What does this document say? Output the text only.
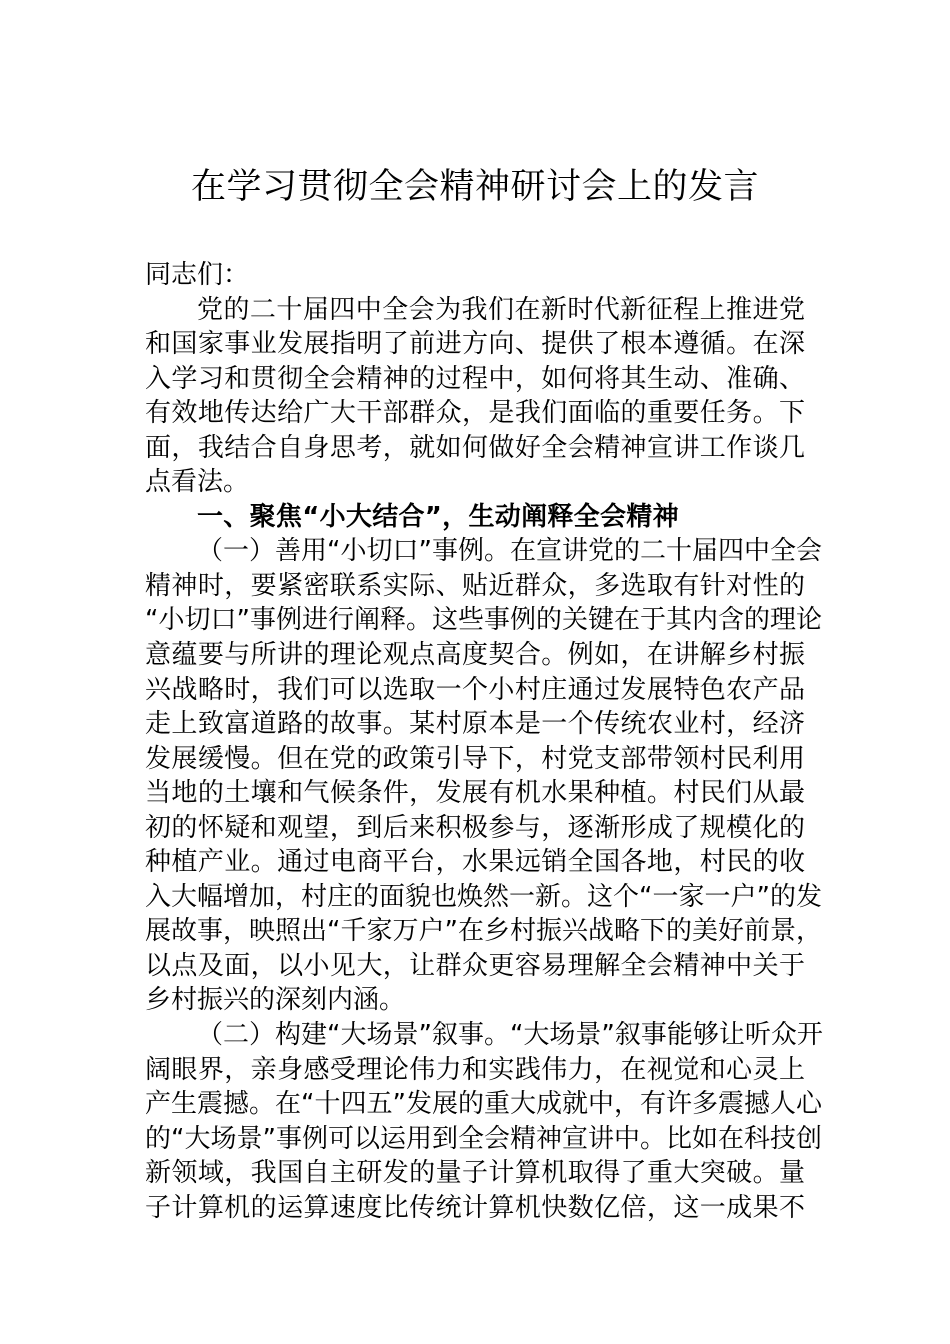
在学习贯彻全会精神研讨会上的发言
同志们：
党的二十届四中全会为我们在新时代新征程上推进党
和国家事业发展指明了前进方向、提供了根本遵循。在深
入学习和贯彻全会精神的过程中，如何将其生动、准确、
有效地传达给广大干部群众，是我们面临的重要任务。下
面，我结合自身思考，就如何做好全会精神宣讲工作谈几
点看法。
一、聚焦“小大结合”，生动阐释全会精神
（一）善用“小切口”事例。在宣讲党的二十届四中全会
精神时，要紧密联系实际、贴近群众，多选取有针对性的
“小切口”事例进行阐释。这些事例的关键在于其内含的理论
意蕴要与所讲的理论观点高度契合。例如，在讲解乡村振
兴战略时，我们可以选取一个小村庄通过发展特色农产品
走上致富道路的故事。某村原本是一个传统农业村，经济
发展缓慢。但在党的政策引导下，村党支部带领村民利用
当地的土壤和气候条件，发展有机水果种植。村民们从最
初的怀疑和观望，到后来积极参与，逐渐形成了规模化的
种植产业。通过电商平台，水果远销全国各地，村民的收
入大幅增加，村庄的面貌也焕然一新。这个“一家一户”的发
展故事，映照出“千家万户”在乡村振兴战略下的美好前景，
以点及面，以小见大，让群众更容易理解全会精神中关于
乡村振兴的深刻内涵。
（二）构建“大场景”叙事。“大场景”叙事能够让听众开
阔眼界，亲身感受理论伟力和实践伟力，在视觉和心灵上
产生震撼。在“十四五”发展的重大成就中，有许多震撼人心
的“大场景”事例可以运用到全会精神宣讲中。比如在科技创
新领域，我国自主研发的量子计算机取得了重大突破。量
子计算机的运算速度比传统计算机快数亿倍，这一成果不
